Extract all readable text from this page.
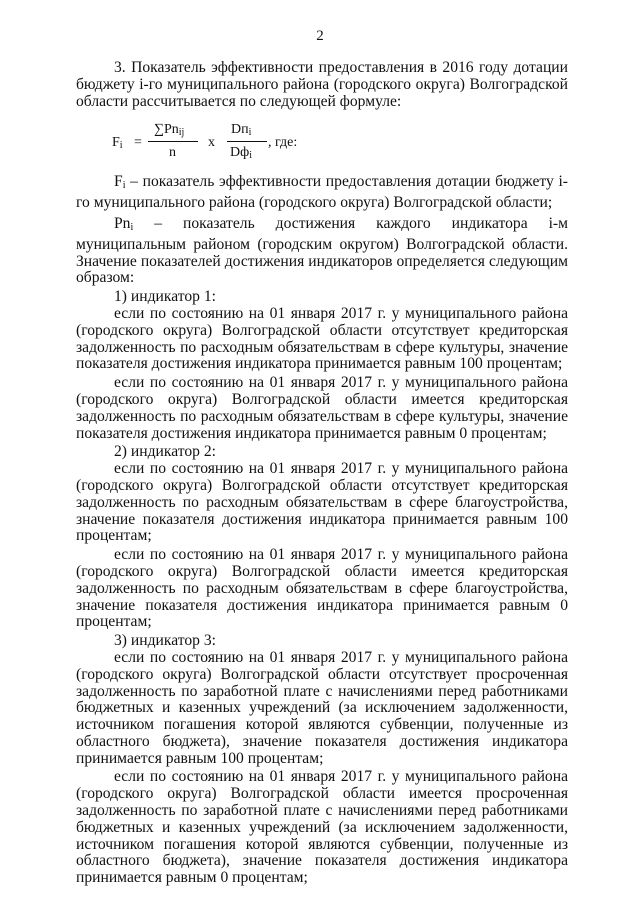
2

3. Показатель эффективности предоставления в 2016 году дотации бюджету i-го муниципального района (городского округа) Волгоградской области рассчитывается по следующей формуле:

$F_i$ =
$\sum Pn_{ij}$
n
x
$Dп_i$
$Dф_i$
, где:

$F_i$ – показатель эффективности предоставления дотации бюджету i-го муниципального района (городского округа) Волгоградской области;

$Pn_i$ – показатель достижения каждого индикатора i-м муниципальным районом (городским округом) Волгоградской области. Значение показателей достижения индикаторов определяется следующим образом:

1) индикатор 1:

если по состоянию на 01 января 2017 г. у муниципального района (городского округа) Волгоградской области отсутствует кредиторская задолженность по расходным обязательствам в сфере культуры, значение показателя достижения индикатора принимается равным 100 процентам;

если по состоянию на 01 января 2017 г. у муниципального района (городского округа) Волгоградской области имеется кредиторская задолженность по расходным обязательствам в сфере культуры, значение показателя достижения индикатора принимается равным 0 процентам;

2) индикатор 2:

если по состоянию на 01 января 2017 г. у муниципального района (городского округа) Волгоградской области отсутствует кредиторская задолженность по расходным обязательствам в сфере благоустройства, значение показателя достижения индикатора принимается равным 100 процентам;

если по состоянию на 01 января 2017 г. у муниципального района (городского округа) Волгоградской области имеется кредиторская задолженность по расходным обязательствам в сфере благоустройства, значение показателя достижения индикатора принимается равным 0 процентам;

3) индикатор 3:

если по состоянию на 01 января 2017 г. у муниципального района (городского округа) Волгоградской области отсутствует просроченная задолженность по заработной плате с начислениями перед работниками бюджетных и казенных учреждений (за исключением задолженности, источником погашения которой являются субвенции, полученные из областного бюджета), значение показателя достижения индикатора принимается равным 100 процентам;

если по состоянию на 01 января 2017 г. у муниципального района (городского округа) Волгоградской области имеется просроченная задолженность по заработной плате с начислениями перед работниками бюджетных и казенных учреждений (за исключением задолженности, источником погашения которой являются субвенции, полученные из областного бюджета), значение показателя достижения индикатора принимается равным 0 процентам;
